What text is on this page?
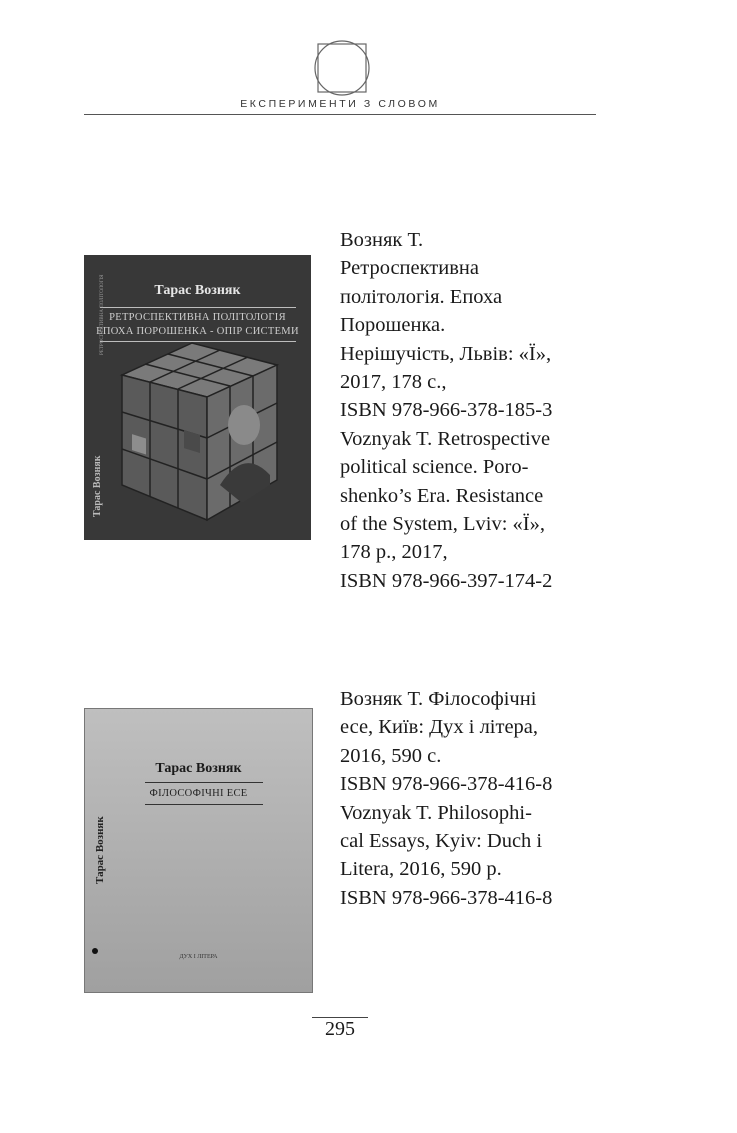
ЕКСПЕРИМЕНТИ З СЛОВОМ
Тарас Возняк
РЕТРОСПЕКТИВНА ПОЛІТОЛОГІЯ
ЕПОХА ПОРОШЕНКА - ОПІР СИСТЕМИ
РЕТРОСПЕКТИВНА ПОЛІТОЛОГІЯ
Тарас Возняк
Возняк Т.
Ретроспективна
політологія. Епоха
Порошенка.
Нерішучість, Львів: «Ї»,
2017, 178 с.,
ISBN 978-966-378-185-3
Voznyak T. Retrospective
political science. Poro-
shenko’s Era. Resistance
of the System, Lviv: «Ї»,
178 p., 2017,
ISBN 978-966-397-174-2
Тарас Возняк
ФІЛОСОФІЧНІ ЕСЕ
Тарас Возняк
ДУХ І ЛІТЕРА
Возняк Т. Філософічні
есе, Київ: Дух і літера,
2016, 590 с.
ISBN 978-966-378-416-8
Voznyak T. Philosophi-
cal Essays, Kyiv: Duch i
Litera, 2016, 590 p.
ISBN 978-966-378-416-8
295
